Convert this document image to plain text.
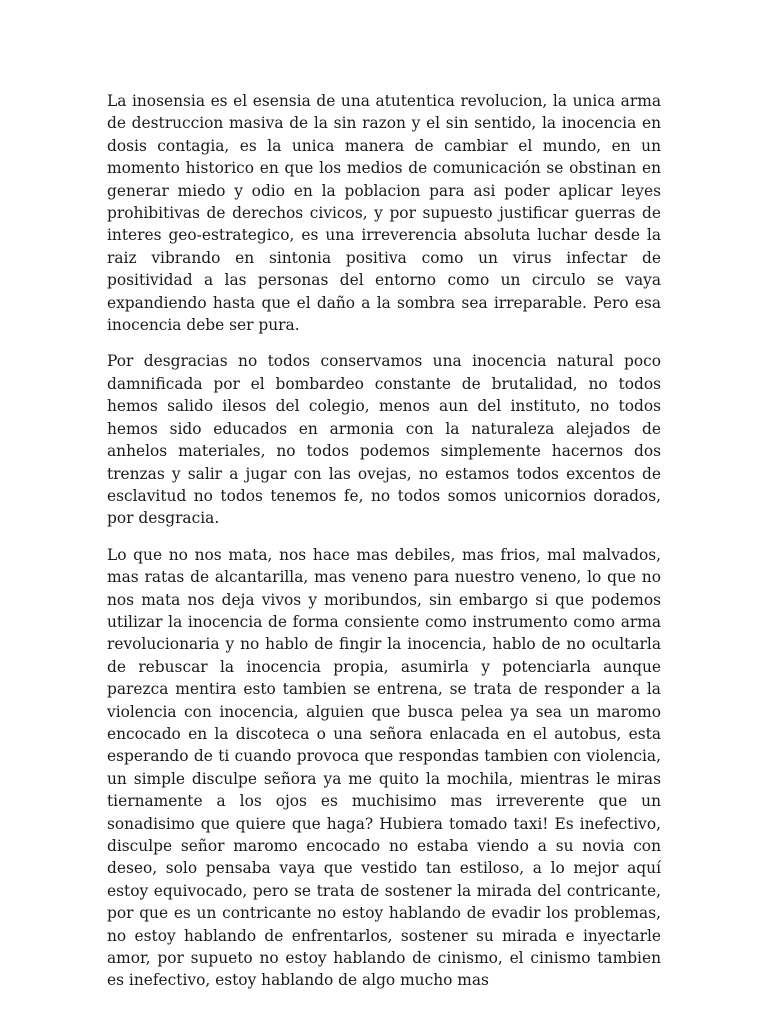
La inosensia es el esensia de una atutentica revolucion, la unica arma de destruccion masiva de la sin razon y el sin sentido, la inocencia en dosis contagia, es la unica manera de cambiar el mundo, en un momento historico en que los medios de comunicación se obstinan en generar miedo y odio en la poblacion para asi poder aplicar leyes prohibitivas de derechos civicos, y por supuesto justificar guerras de interes geo-estrategico, es una irreverencia absoluta luchar desde la raiz vibrando en sintonia positiva como un virus infectar de positividad a las personas del entorno como un circulo se vaya expandiendo hasta que el daño a la sombra sea irreparable. Pero esa inocencia debe ser pura.

Por desgracias no todos conservamos una inocencia natural poco damnificada por el bombardeo constante de brutalidad, no todos hemos salido ilesos del colegio, menos aun del instituto, no todos hemos sido educados en armonia con la naturaleza alejados de anhelos materiales, no todos podemos simplemente hacernos dos trenzas y salir a jugar con las ovejas, no estamos todos excentos de esclavitud no todos tenemos fe, no todos somos unicornios dorados, por desgracia.

Lo que no nos mata, nos hace mas debiles, mas frios, mal malvados, mas ratas de alcantarilla, mas veneno para nuestro veneno, lo que no nos mata nos deja vivos y moribundos, sin embargo si que podemos utilizar la inocencia de forma consiente como instrumento como arma revolucionaria y no hablo de fingir la inocencia, hablo de no ocultarla de rebuscar la inocencia propia, asumirla y potenciarla aunque parezca mentira esto tambien se entrena, se trata de responder a la violencia con inocencia, alguien que busca pelea ya sea un maromo encocado en la discoteca o una señora enlacada en el autobus, esta esperando de ti cuando provoca que respondas tambien con violencia, un simple disculpe señora ya me quito la mochila, mientras le miras tiernamente a los ojos es muchisimo mas irreverente que un sonadisimo que quiere que haga? Hubiera tomado taxi! Es inefectivo, disculpe señor maromo encocado no estaba viendo a su novia con deseo, solo pensaba vaya que vestido tan estiloso, a lo mejor aquí estoy equivocado, pero se trata de sostener la mirada del contricante, por que es un contricante no estoy hablando de evadir los problemas, no estoy hablando de enfrentarlos, sostener su mirada e inyectarle amor, por supueto no estoy hablando de cinismo, el cinismo tambien es inefectivo, estoy hablando de algo mucho mas
